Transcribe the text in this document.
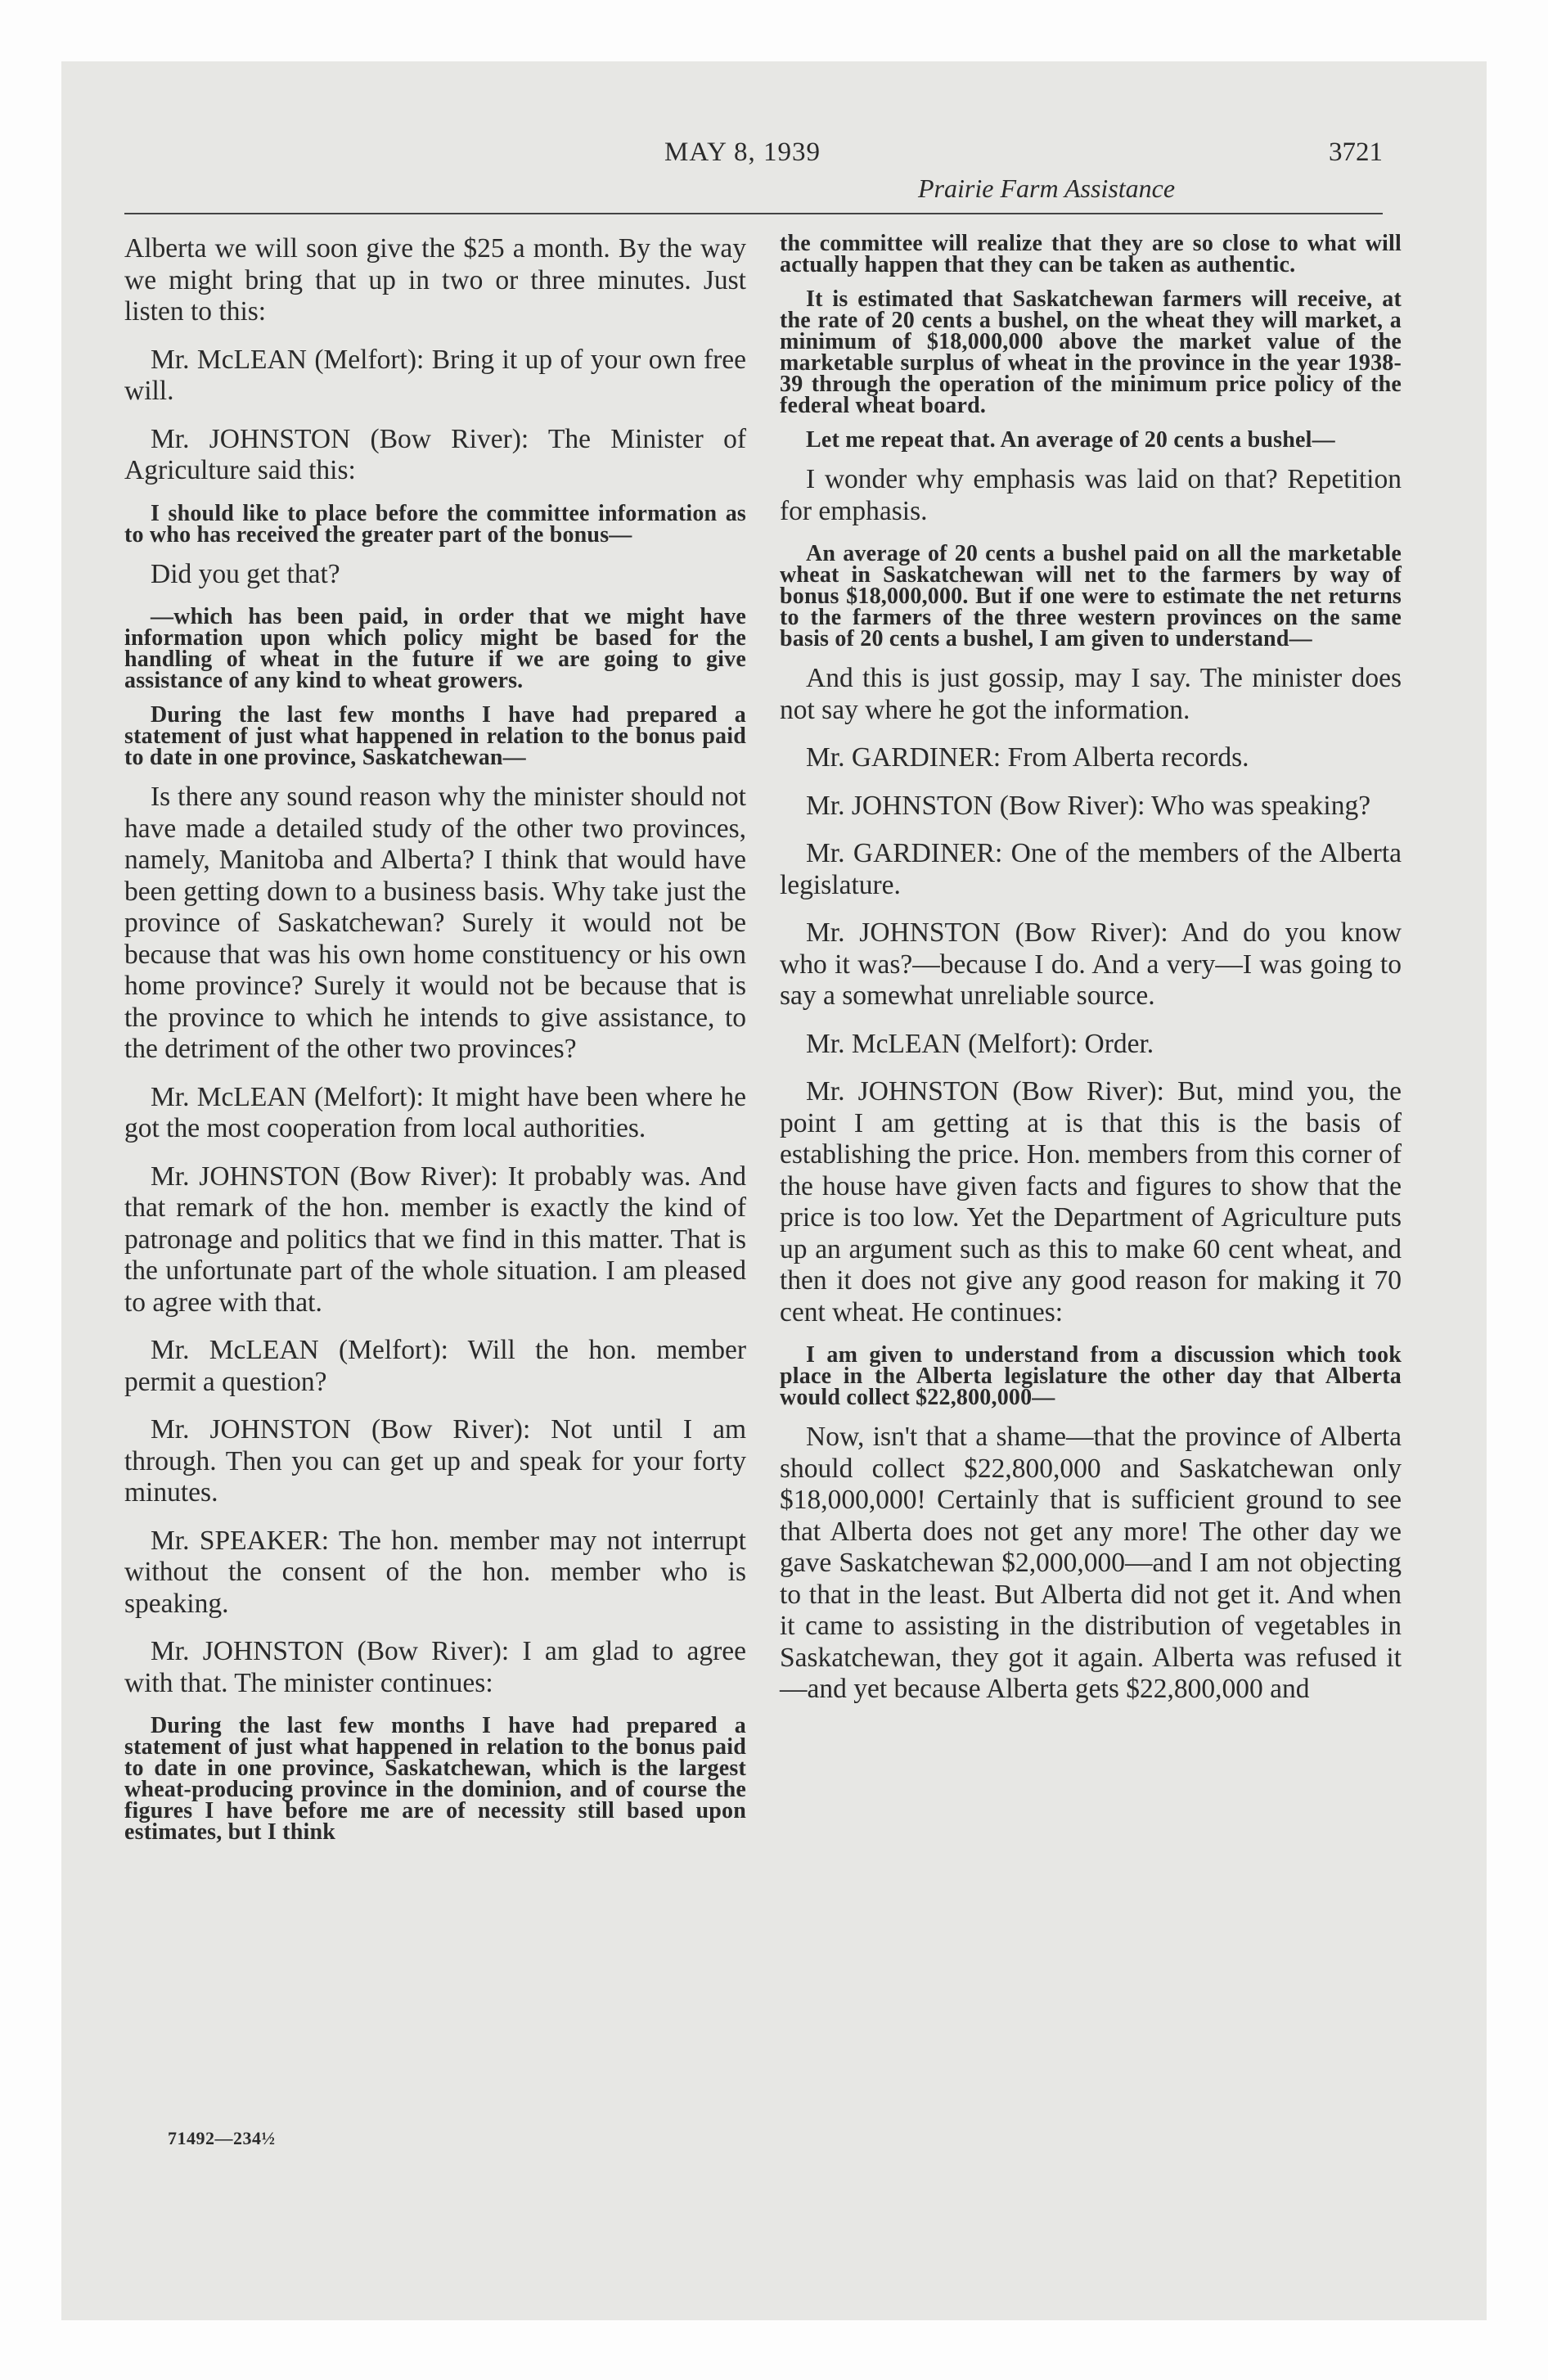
MAY 8, 1939	3721
Prairie Farm Assistance

Alberta we will soon give the $25 a month. By the way we might bring that up in two or three minutes. Just listen to this:

Mr. McLEAN (Melfort): Bring it up of your own free will.

Mr. JOHNSTON (Bow River): The Minister of Agriculture said this:

I should like to place before the committee information as to who has received the greater part of the bonus—

Did you get that?

—which has been paid, in order that we might have information upon which policy might be based for the handling of wheat in the future if we are going to give assistance of any kind to wheat growers.

During the last few months I have had prepared a statement of just what happened in relation to the bonus paid to date in one province, Saskatchewan—

Is there any sound reason why the minister should not have made a detailed study of the other two provinces, namely, Manitoba and Alberta? I think that would have been getting down to a business basis. Why take just the province of Saskatchewan? Surely it would not be because that was his own home constituency or his own home province? Surely it would not be because that is the province to which he intends to give assistance, to the detriment of the other two provinces?

Mr. McLEAN (Melfort): It might have been where he got the most cooperation from local authorities.

Mr. JOHNSTON (Bow River): It probably was. And that remark of the hon. member is exactly the kind of patronage and politics that we find in this matter. That is the unfortunate part of the whole situation. I am pleased to agree with that.

Mr. McLEAN (Melfort): Will the hon. member permit a question?

Mr. JOHNSTON (Bow River): Not until I am through. Then you can get up and speak for your forty minutes.

Mr. SPEAKER: The hon. member may not interrupt without the consent of the hon. member who is speaking.

Mr. JOHNSTON (Bow River): I am glad to agree with that. The minister continues:

During the last few months I have had prepared a statement of just what happened in relation to the bonus paid to date in one province, Saskatchewan, which is the largest wheat-producing province in the dominion, and of course the figures I have before me are of necessity still based upon estimates, but I think

the committee will realize that they are so close to what will actually happen that they can be taken as authentic.

It is estimated that Saskatchewan farmers will receive, at the rate of 20 cents a bushel, on the wheat they will market, a minimum of $18,000,000 above the market value of the marketable surplus of wheat in the province in the year 1938-39 through the operation of the minimum price policy of the federal wheat board.

Let me repeat that. An average of 20 cents a bushel—

I wonder why emphasis was laid on that? Repetition for emphasis.

An average of 20 cents a bushel paid on all the marketable wheat in Saskatchewan will net to the farmers by way of bonus $18,000,000. But if one were to estimate the net returns to the farmers of the three western provinces on the same basis of 20 cents a bushel, I am given to understand—

And this is just gossip, may I say. The minister does not say where he got the information.

Mr. GARDINER: From Alberta records.

Mr. JOHNSTON (Bow River): Who was speaking?

Mr. GARDINER: One of the members of the Alberta legislature.

Mr. JOHNSTON (Bow River): And do you know who it was?—because I do. And a very—I was going to say a somewhat unreliable source.

Mr. McLEAN (Melfort): Order.

Mr. JOHNSTON (Bow River): But, mind you, the point I am getting at is that this is the basis of establishing the price. Hon. members from this corner of the house have given facts and figures to show that the price is too low. Yet the Department of Agriculture puts up an argument such as this to make 60 cent wheat, and then it does not give any good reason for making it 70 cent wheat. He continues:

I am given to understand from a discussion which took place in the Alberta legislature the other day that Alberta would collect $22,800,000—

Now, isn't that a shame—that the province of Alberta should collect $22,800,000 and Saskatchewan only $18,000,000! Certainly that is sufficient ground to see that Alberta does not get any more! The other day we gave Saskatchewan $2,000,000—and I am not objecting to that in the least. But Alberta did not get it. And when it came to assisting in the distribution of vegetables in Saskatchewan, they got it again. Alberta was refused it—and yet because Alberta gets $22,800,000 and

71492—234½
